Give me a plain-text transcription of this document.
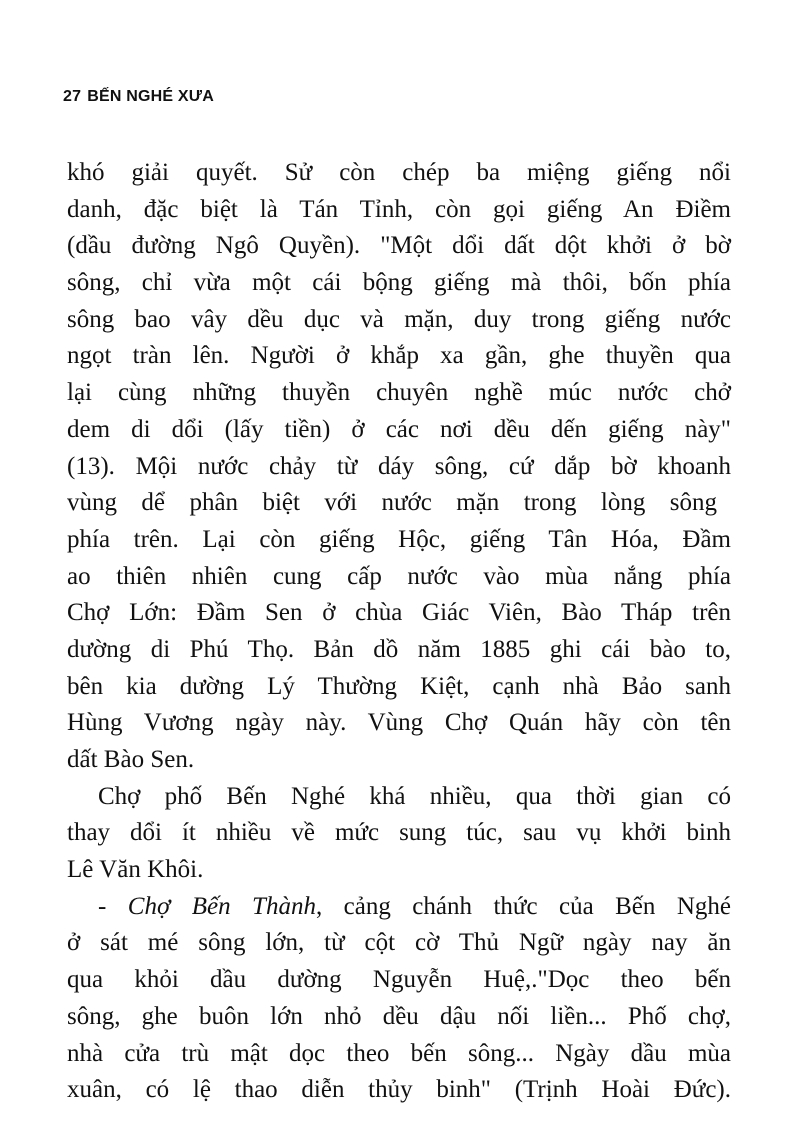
27 BẾN NGHÉ XƯA
khó giải quyết. Sử còn chép ba miệng giếng nổi
danh, đặc biệt là Tán Tỉnh, còn gọi giếng An Điềm
(dầu đường Ngô Quyền). "Một dổi dất dột khởi ở bờ
sông, chỉ vừa một cái bộng giếng mà thôi, bốn phía
sông bao vây dều dục và mặn, duy trong giếng nước
ngọt tràn lên. Người ở khắp xa gần, ghe thuyền qua
lại cùng những thuyền chuyên nghề múc nước chở
dem di dổi (lấy tiền) ở các nơi dều dến giếng này"
(13). Mội nước chảy từ dáy sông, cứ dắp bờ khoanh
vùng dể phân biệt với nước mặn trong lòng sông
phía trên. Lại còn giếng Hộc, giếng Tân Hóa, Đầm
ao thiên nhiên cung cấp nước vào mùa nắng phía
Chợ Lớn: Đầm Sen ở chùa Giác Viên, Bào Tháp trên
dường di Phú Thọ. Bản dồ năm 1885 ghi cái bào to,
bên kia dường Lý Thường Kiệt, cạnh nhà Bảo sanh
Hùng Vương ngày này. Vùng Chợ Quán hãy còn tên
dất Bào Sen.
Chợ phố Bến Nghé khá nhiều, qua thời gian có
thay dổi ít nhiều về mức sung túc, sau vụ khởi binh
Lê Văn Khôi.
- Chợ Bến Thành, cảng chánh thức của Bến Nghé
ở sát mé sông lớn, từ cột cờ Thủ Ngữ ngày nay ăn
qua khỏi dầu dường Nguyễn Huệ,."Dọc theo bến
sông, ghe buôn lớn nhỏ dều dậu nối liền... Phố chợ,
nhà cửa trù mật dọc theo bến sông... Ngày dầu mùa
xuân, có lệ thao diễn thủy binh" (Trịnh Hoài Đức).
